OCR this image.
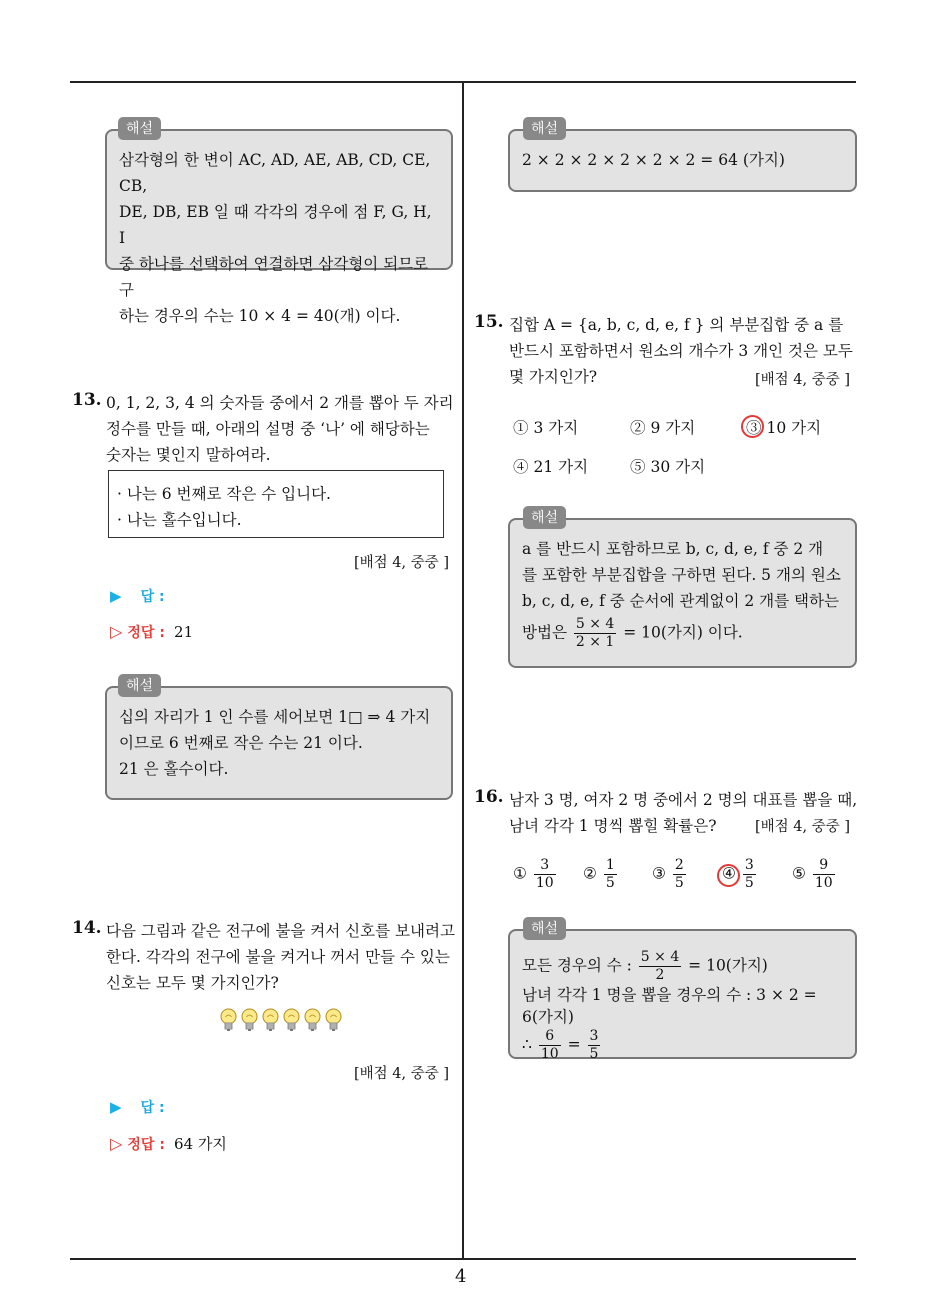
4
삼각형의 한 변이 AC, AD, AE, AB, CD, CE, CB,
DE, DB, EB 일 때 각각의 경우에 점 F, G, H, I
중 하나를 선택하여 연결하면 삼각형이 되므로 구
하는 경우의 수는 10 × 4 = 40(개) 이다.
해설
13. 0, 1, 2, 3, 4 의 숫자들 중에서 2 개를 뽑아 두 자리
정수를 만들 때, 아래의 설명 중 ‘나’ 에 해당하는
숫자는 몇인지 말하여라.
· 나는 6 번째로 작은 수 입니다.
· 나는 홀수입니다.
[배점 4, 중중 ]
▶ 답 :
▷ 정답 : 21
십의 자리가 1 인 수를 세어보면 1□ ⇒ 4 가지
이므로 6 번째로 작은 수는 21 이다.
21 은 홀수이다.
해설
14. 다음 그림과 같은 전구에 불을 켜서 신호를 보내려고
한다. 각각의 전구에 불을 켜거나 꺼서 만들 수 있는
신호는 모두 몇 가지인가?
[배점 4, 중중 ]
▶ 답 :
▷ 정답 : 64 가지
2 × 2 × 2 × 2 × 2 × 2 = 64 (가지)
해설
15. 집합 A = {a, b, c, d, e, f } 의 부분집합 중 a 를
반드시 포함하면서 원소의 개수가 3 개인 것은 모두
몇 가지인가?	[배점 4, 중중 ]
① 3 가지	② 9 가지	③ 10 가지
④ 21 가지	⑤ 30 가지
a 를 반드시 포함하므로 b, c, d, e, f 중 2 개
를 포함한 부분집합을 구하면 된다. 5 개의 원소
b, c, d, e, f 중 순서에 관계없이 2 개를 택하는
방법은 $\frac{5 \times 4}{2 \times 1} = 10$(가지) 이다.
해설
16. 남자 3 명, 여자 2 명 중에서 2 명의 대표를 뽑을 때,
남녀 각각 1 명씩 뽑힐 확률은?	[배점 4, 중중 ]
① $\frac{3}{10}$ ② $\frac{1}{5}$ ③ $\frac{2}{5}$ ④ $\frac{3}{5}$ ⑤ $\frac{9}{10}$
모든 경우의 수 : $\frac{5 \times 4}{2} = 10$(가지)
남녀 각각 1 명을 뽑을 경우의 수 : 3 × 2 = 6(가지)
∴ $\frac{6}{10} = \frac{3}{5}$
해설
